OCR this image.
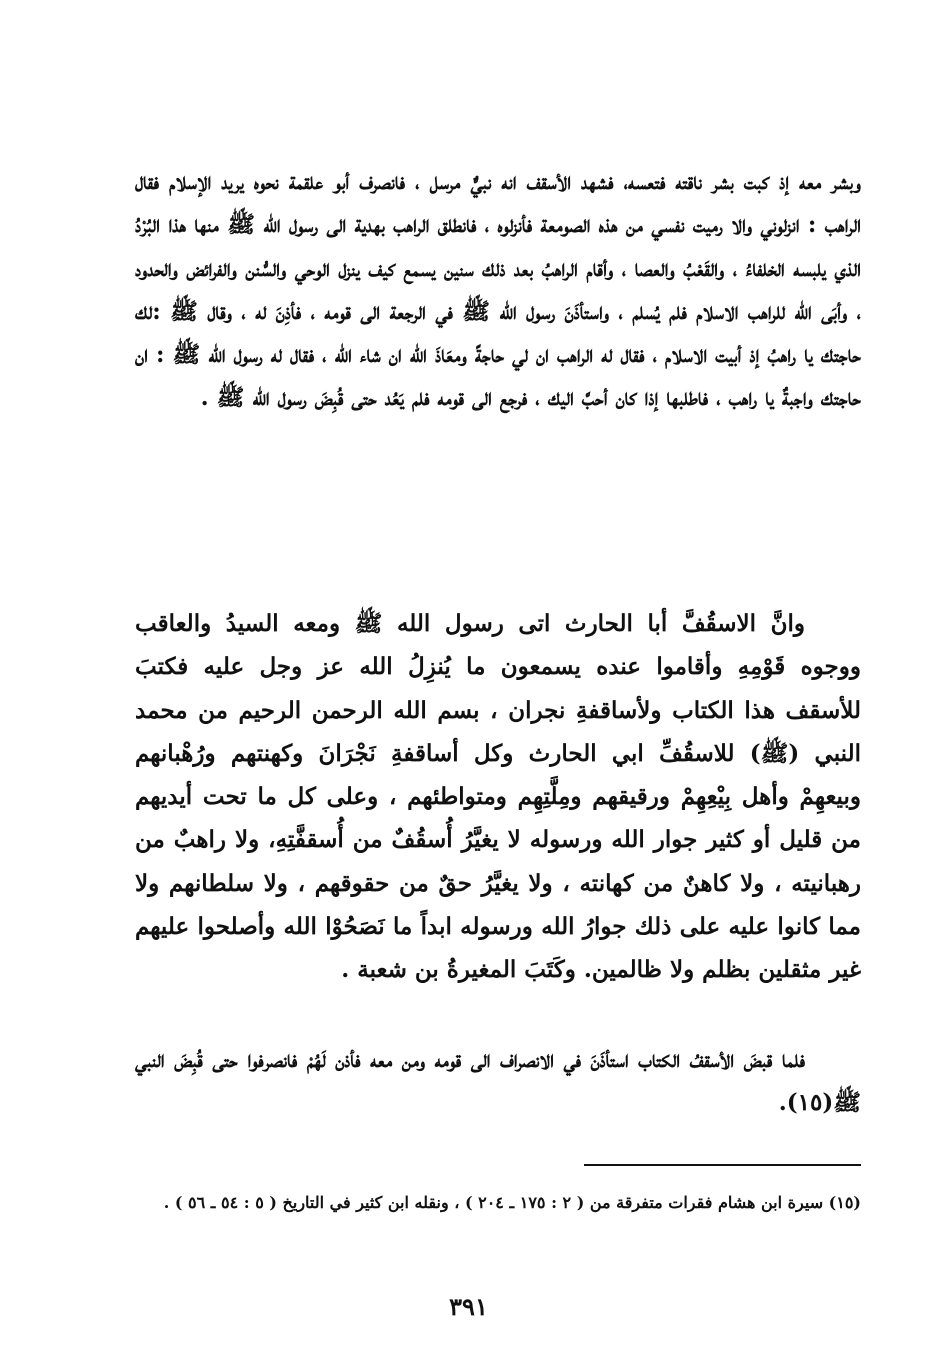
وبشر معه إذ كبت بشر ناقته فتعسه، فشهد الأسقف انه نبيٌّ مرسل ، فانصرف أبو علقمة نحوه يريد الإسلام فقال الراهب : انزلوني والا رميت نفسي من هذه الصومعة فأنزلوه ، فانطلق الراهب بهدية الى رسول الله ﷺ منها هذا البُرْدُ الذي يلبسه الخلفاءُ ، والقَعْبُ والعصا ، وأقام الراهبُ بعد ذلك سنين يسمع كيف ينزل الوحي والسُّنن والفرائض والحدود ، وأبَى الله للراهب الاسلام فلم يُسلم ، واستأذَنَ رسول الله ﷺ في الرجعة الى قومه ، فأذِنَ له ، وقال ﷺ :لك حاجتك يا راهبُ إذ أبيت الاسلام ، فقال له الراهب ان لي حاجةً ومعَاذَ الله ان شاء الله ، فقال له رسول الله ﷺ : ان حاجتك واجبةٌ يا راهب ، فاطلبها إذا كان أحبَّ اليك ، فرجع الى قومه فلم يَعُد حتى قُبِضَ رسول الله ﷺ .

وانَّ الاسقُفَّ أبا الحارث اتى رسول الله ﷺ ومعه السيدُ والعاقب ووجوه قَوْمِهِ وأقاموا عنده يسمعون ما يُنزِلُ الله عز وجل عليه فكتبَ للأسقف هذا الكتاب ولأساقفةِ نجران ، بسم الله الرحمن الرحيم من محمد النبي (ﷺ) للاسقُفِّ ابي الحارث وكل أساقفةِ نَجْرَانَ وكهنتهم ورُهْبانهم وبيعهِمْ وأهل بِيْعِهِمْ ورقيقهم ومِلَّتِهِم ومتواطئهم ، وعلى كل ما تحت أيديهم من قليل أو كثير جوار الله ورسوله لا يغيَّرُ أُسقُفٌ من أُسقفَّتِهِ، ولا راهبٌ من رهبانيته ، ولا كاهنٌ من كهانته ، ولا يغيَّرُ حقٌ من حقوقهم ، ولا سلطانهم ولا مما كانوا عليه على ذلك جوارُ الله ورسوله ابداً ما نَصَحُوْا الله وأصلحوا عليهم غير مثقلين بظلم ولا ظالمين. وكَتَبَ المغيرةُ بن شعبة .

فلما قبضَ الأسقفُ الكتاب استأذَنَ في الانصراف الى قومه ومن معه فأذن لَهُمْ فانصرفوا حتى قُبِضَ النبي ﷺ(١٥).

(١٥) سيرة ابن هشام فقرات متفرقة من ( ٢ : ١٧٥ ـ ٢٠٤ ) ، ونقله ابن كثير في التاريخ ( ٥ : ٥٤ ـ ٥٦ ) .

٣٩١
